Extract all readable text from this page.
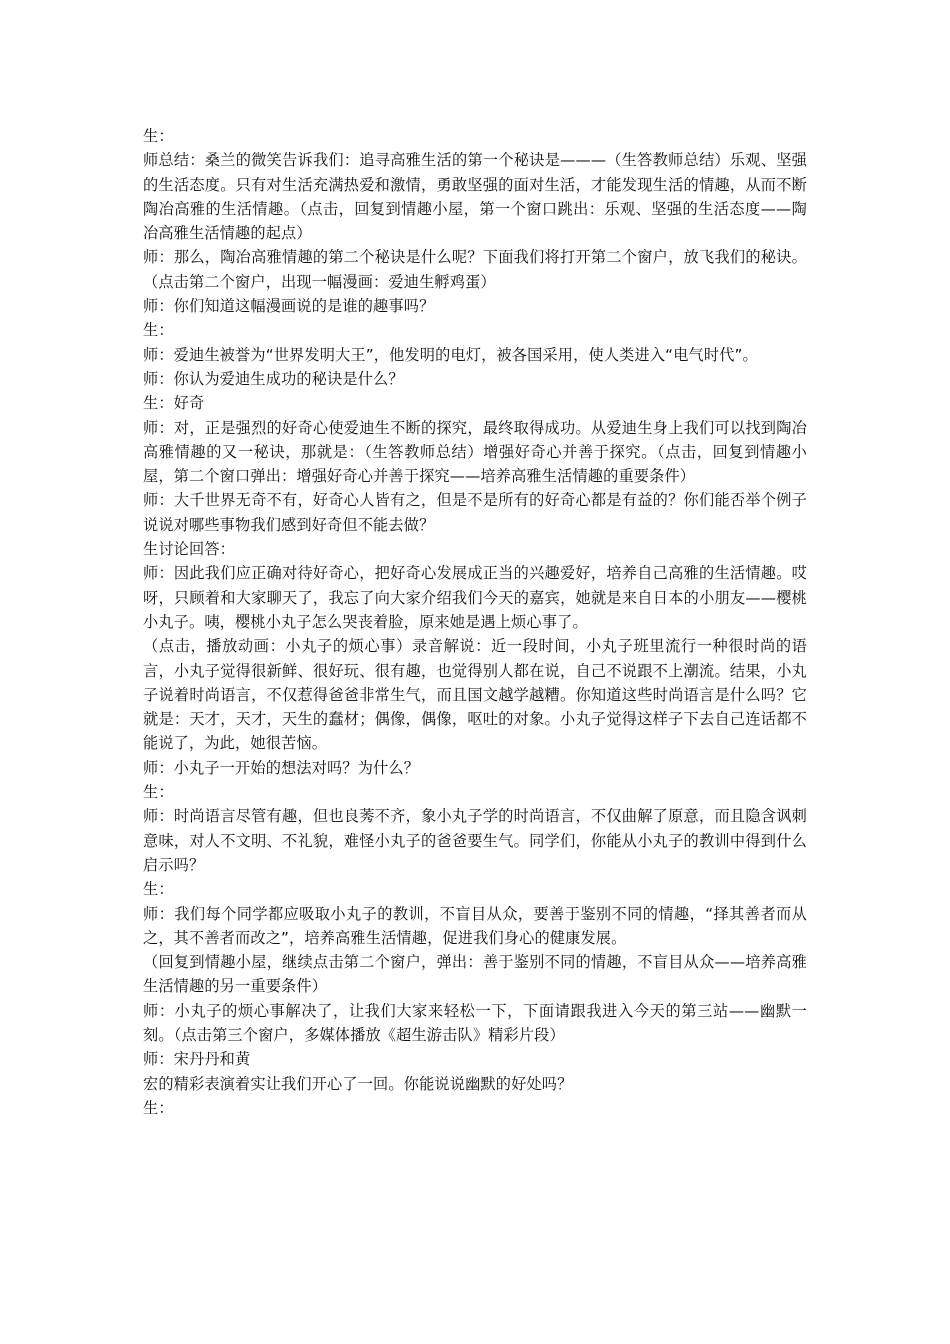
生：

师总结：桑兰的微笑告诉我们：追寻高雅生活的第一个秘诀是———（生答教师总结）乐观、坚强的生活态度。只有对生活充满热爱和激情，勇敢坚强的面对生活，才能发现生活的情趣，从而不断陶冶高雅的生活情趣。（点击，回复到情趣小屋，第一个窗口跳出：乐观、坚强的生活态度——陶冶高雅生活情趣的起点）

师：那么，陶冶高雅情趣的第二个秘诀是什么呢？下面我们将打开第二个窗户，放飞我们的秘诀。（点击第二个窗户，出现一幅漫画：爱迪生孵鸡蛋）

师：你们知道这幅漫画说的是谁的趣事吗？

生：

师：爱迪生被誉为“世界发明大王”，他发明的电灯，被各国采用，使人类进入“电气时代”。

师：你认为爱迪生成功的秘诀是什么？

生：好奇

师：对，正是强烈的好奇心使爱迪生不断的探究，最终取得成功。从爱迪生身上我们可以找到陶冶高雅情趣的又一秘诀，那就是：（生答教师总结）增强好奇心并善于探究。（点击，回复到情趣小屋，第二个窗口弹出：增强好奇心并善于探究——培养高雅生活情趣的重要条件）

师：大千世界无奇不有，好奇心人皆有之，但是不是所有的好奇心都是有益的？你们能否举个例子说说对哪些事物我们感到好奇但不能去做？

生讨论回答：

师：因此我们应正确对待好奇心，把好奇心发展成正当的兴趣爱好，培养自己高雅的生活情趣。哎呀，只顾着和大家聊天了，我忘了向大家介绍我们今天的嘉宾，她就是来自日本的小朋友——樱桃小丸子。咦，樱桃小丸子怎么哭丧着脸，原来她是遇上烦心事了。

（点击，播放动画：小丸子的烦心事）录音解说：近一段时间，小丸子班里流行一种很时尚的语言，小丸子觉得很新鲜、很好玩、很有趣，也觉得别人都在说，自己不说跟不上潮流。结果，小丸子说着时尚语言，不仅惹得爸爸非常生气，而且国文越学越糟。你知道这些时尚语言是什么吗？它就是：天才，天才，天生的蠢材；偶像，偶像，呕吐的对象。小丸子觉得这样子下去自己连话都不能说了，为此，她很苦恼。

师：小丸子一开始的想法对吗？为什么？

生：

师：时尚语言尽管有趣，但也良莠不齐，象小丸子学的时尚语言，不仅曲解了原意，而且隐含讽刺意味，对人不文明、不礼貌，难怪小丸子的爸爸要生气。同学们，你能从小丸子的教训中得到什么启示吗？

生：

师：我们每个同学都应吸取小丸子的教训，不盲目从众，要善于鉴别不同的情趣，“择其善者而从之，其不善者而改之”，培养高雅生活情趣，促进我们身心的健康发展。

（回复到情趣小屋，继续点击第二个窗户，弹出：善于鉴别不同的情趣，不盲目从众——培养高雅生活情趣的另一重要条件）

师：小丸子的烦心事解决了，让我们大家来轻松一下，下面请跟我进入今天的第三站——幽默一刻。（点击第三个窗户，多媒体播放《超生游击队》精彩片段）

师：宋丹丹和黄

宏的精彩表演着实让我们开心了一回。你能说说幽默的好处吗？

生：
